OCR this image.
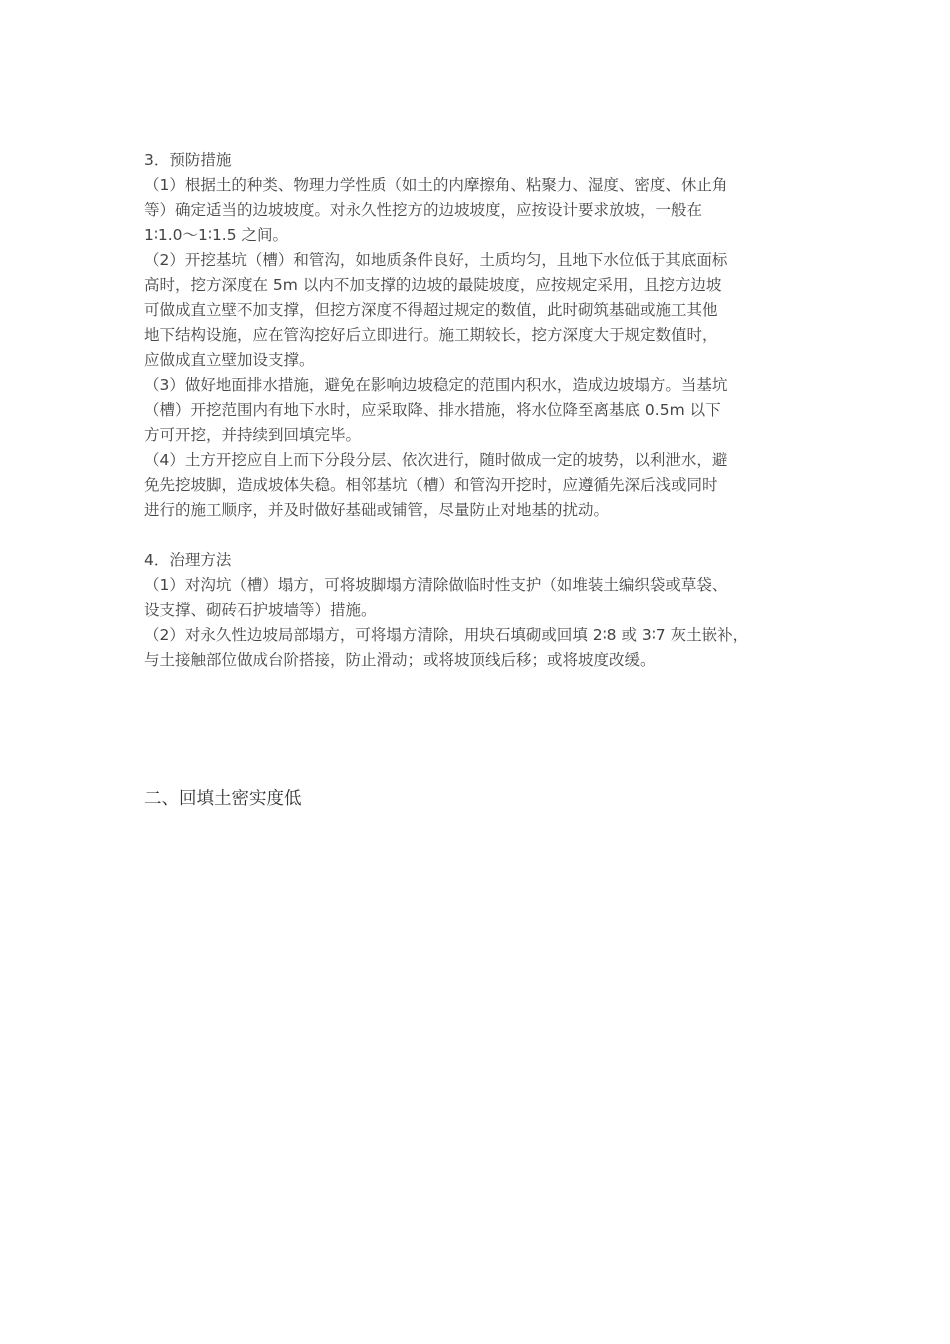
3．预防措施
（1）根据土的种类、物理力学性质（如土的内摩擦角、粘聚力、湿度、密度、休止角
等）确定适当的边坡坡度。对永久性挖方的边坡坡度，应按设计要求放坡，一般在
1∶1.0～1∶1.5 之间。
（2）开挖基坑（槽）和管沟，如地质条件良好，土质均匀，且地下水位低于其底面标
高时，挖方深度在 5m 以内不加支撑的边坡的最陡坡度，应按规定采用，且挖方边坡
可做成直立壁不加支撑，但挖方深度不得超过规定的数值，此时砌筑基础或施工其他
地下结构设施，应在管沟挖好后立即进行。施工期较长，挖方深度大于规定数值时，
应做成直立壁加设支撑。
（3）做好地面排水措施，避免在影响边坡稳定的范围内积水，造成边坡塌方。当基坑
（槽）开挖范围内有地下水时，应采取降、排水措施，将水位降至离基底 0.5m 以下
方可开挖，并持续到回填完毕。
（4）土方开挖应自上而下分段分层、依次进行，随时做成一定的坡势，以利泄水，避
免先挖坡脚，造成坡体失稳。相邻基坑（槽）和管沟开挖时，应遵循先深后浅或同时
进行的施工顺序，并及时做好基础或铺管，尽量防止对地基的扰动。
4．治理方法
（1）对沟坑（槽）塌方，可将坡脚塌方清除做临时性支护（如堆装土编织袋或草袋、
设支撑、砌砖石护坡墙等）措施。
（2）对永久性边坡局部塌方，可将塌方清除，用块石填砌或回填 2∶8 或 3∶7 灰土嵌补，
与土接触部位做成台阶搭接，防止滑动；或将坡顶线后移；或将坡度改缓。
二、回填土密实度低
